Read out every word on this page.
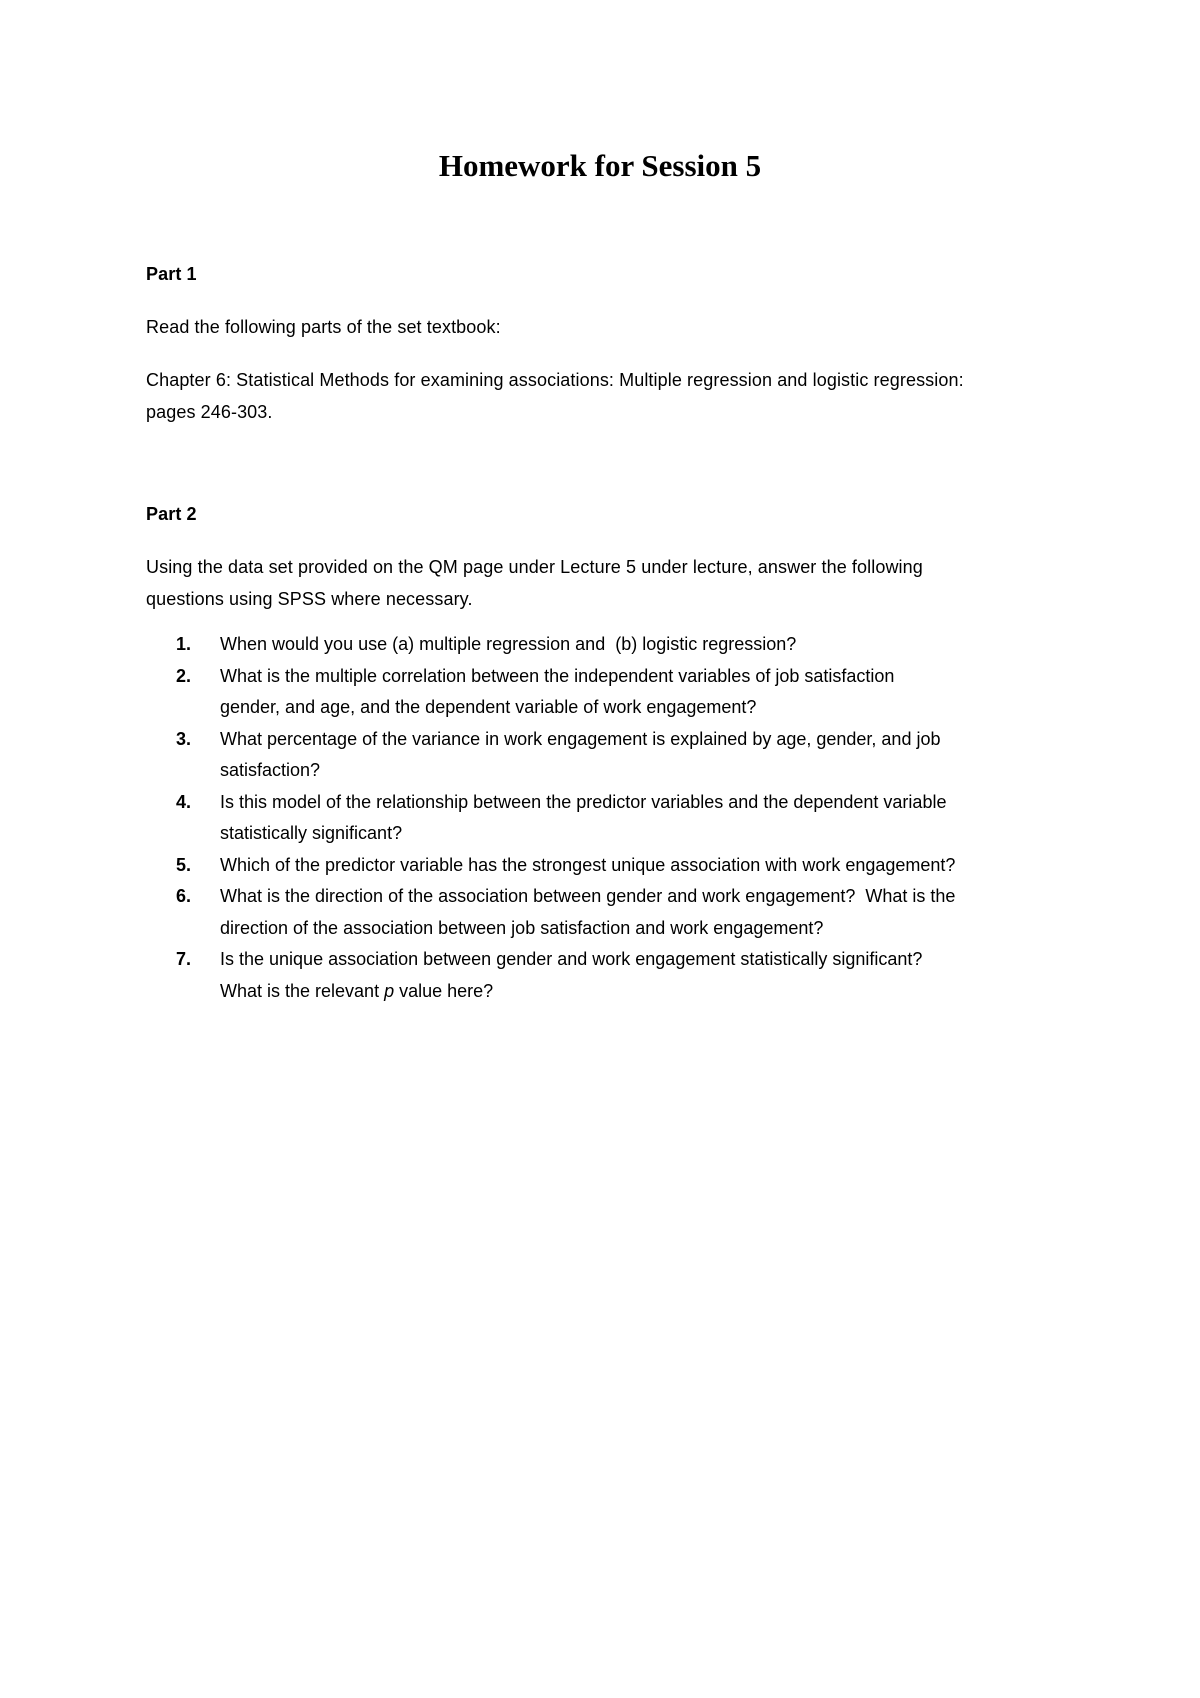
Homework for Session 5
Part 1
Read the following parts of the set textbook:
Chapter 6: Statistical Methods for examining associations: Multiple regression and logistic regression:
pages 246-303.
Part 2
Using the data set provided on the QM page under Lecture 5 under lecture, answer the following
questions using SPSS where necessary.
1.	When would you use (a) multiple regression and  (b) logistic regression?
2.	What is the multiple correlation between the independent variables of job satisfaction
gender, and age, and the dependent variable of work engagement?
3.	What percentage of the variance in work engagement is explained by age, gender, and job
satisfaction?
4.	Is this model of the relationship between the predictor variables and the dependent variable
statistically significant?
5.	Which of the predictor variable has the strongest unique association with work engagement?
6.	What is the direction of the association between gender and work engagement?  What is the
direction of the association between job satisfaction and work engagement?
7.	Is the unique association between gender and work engagement statistically significant?
What is the relevant p value here?
